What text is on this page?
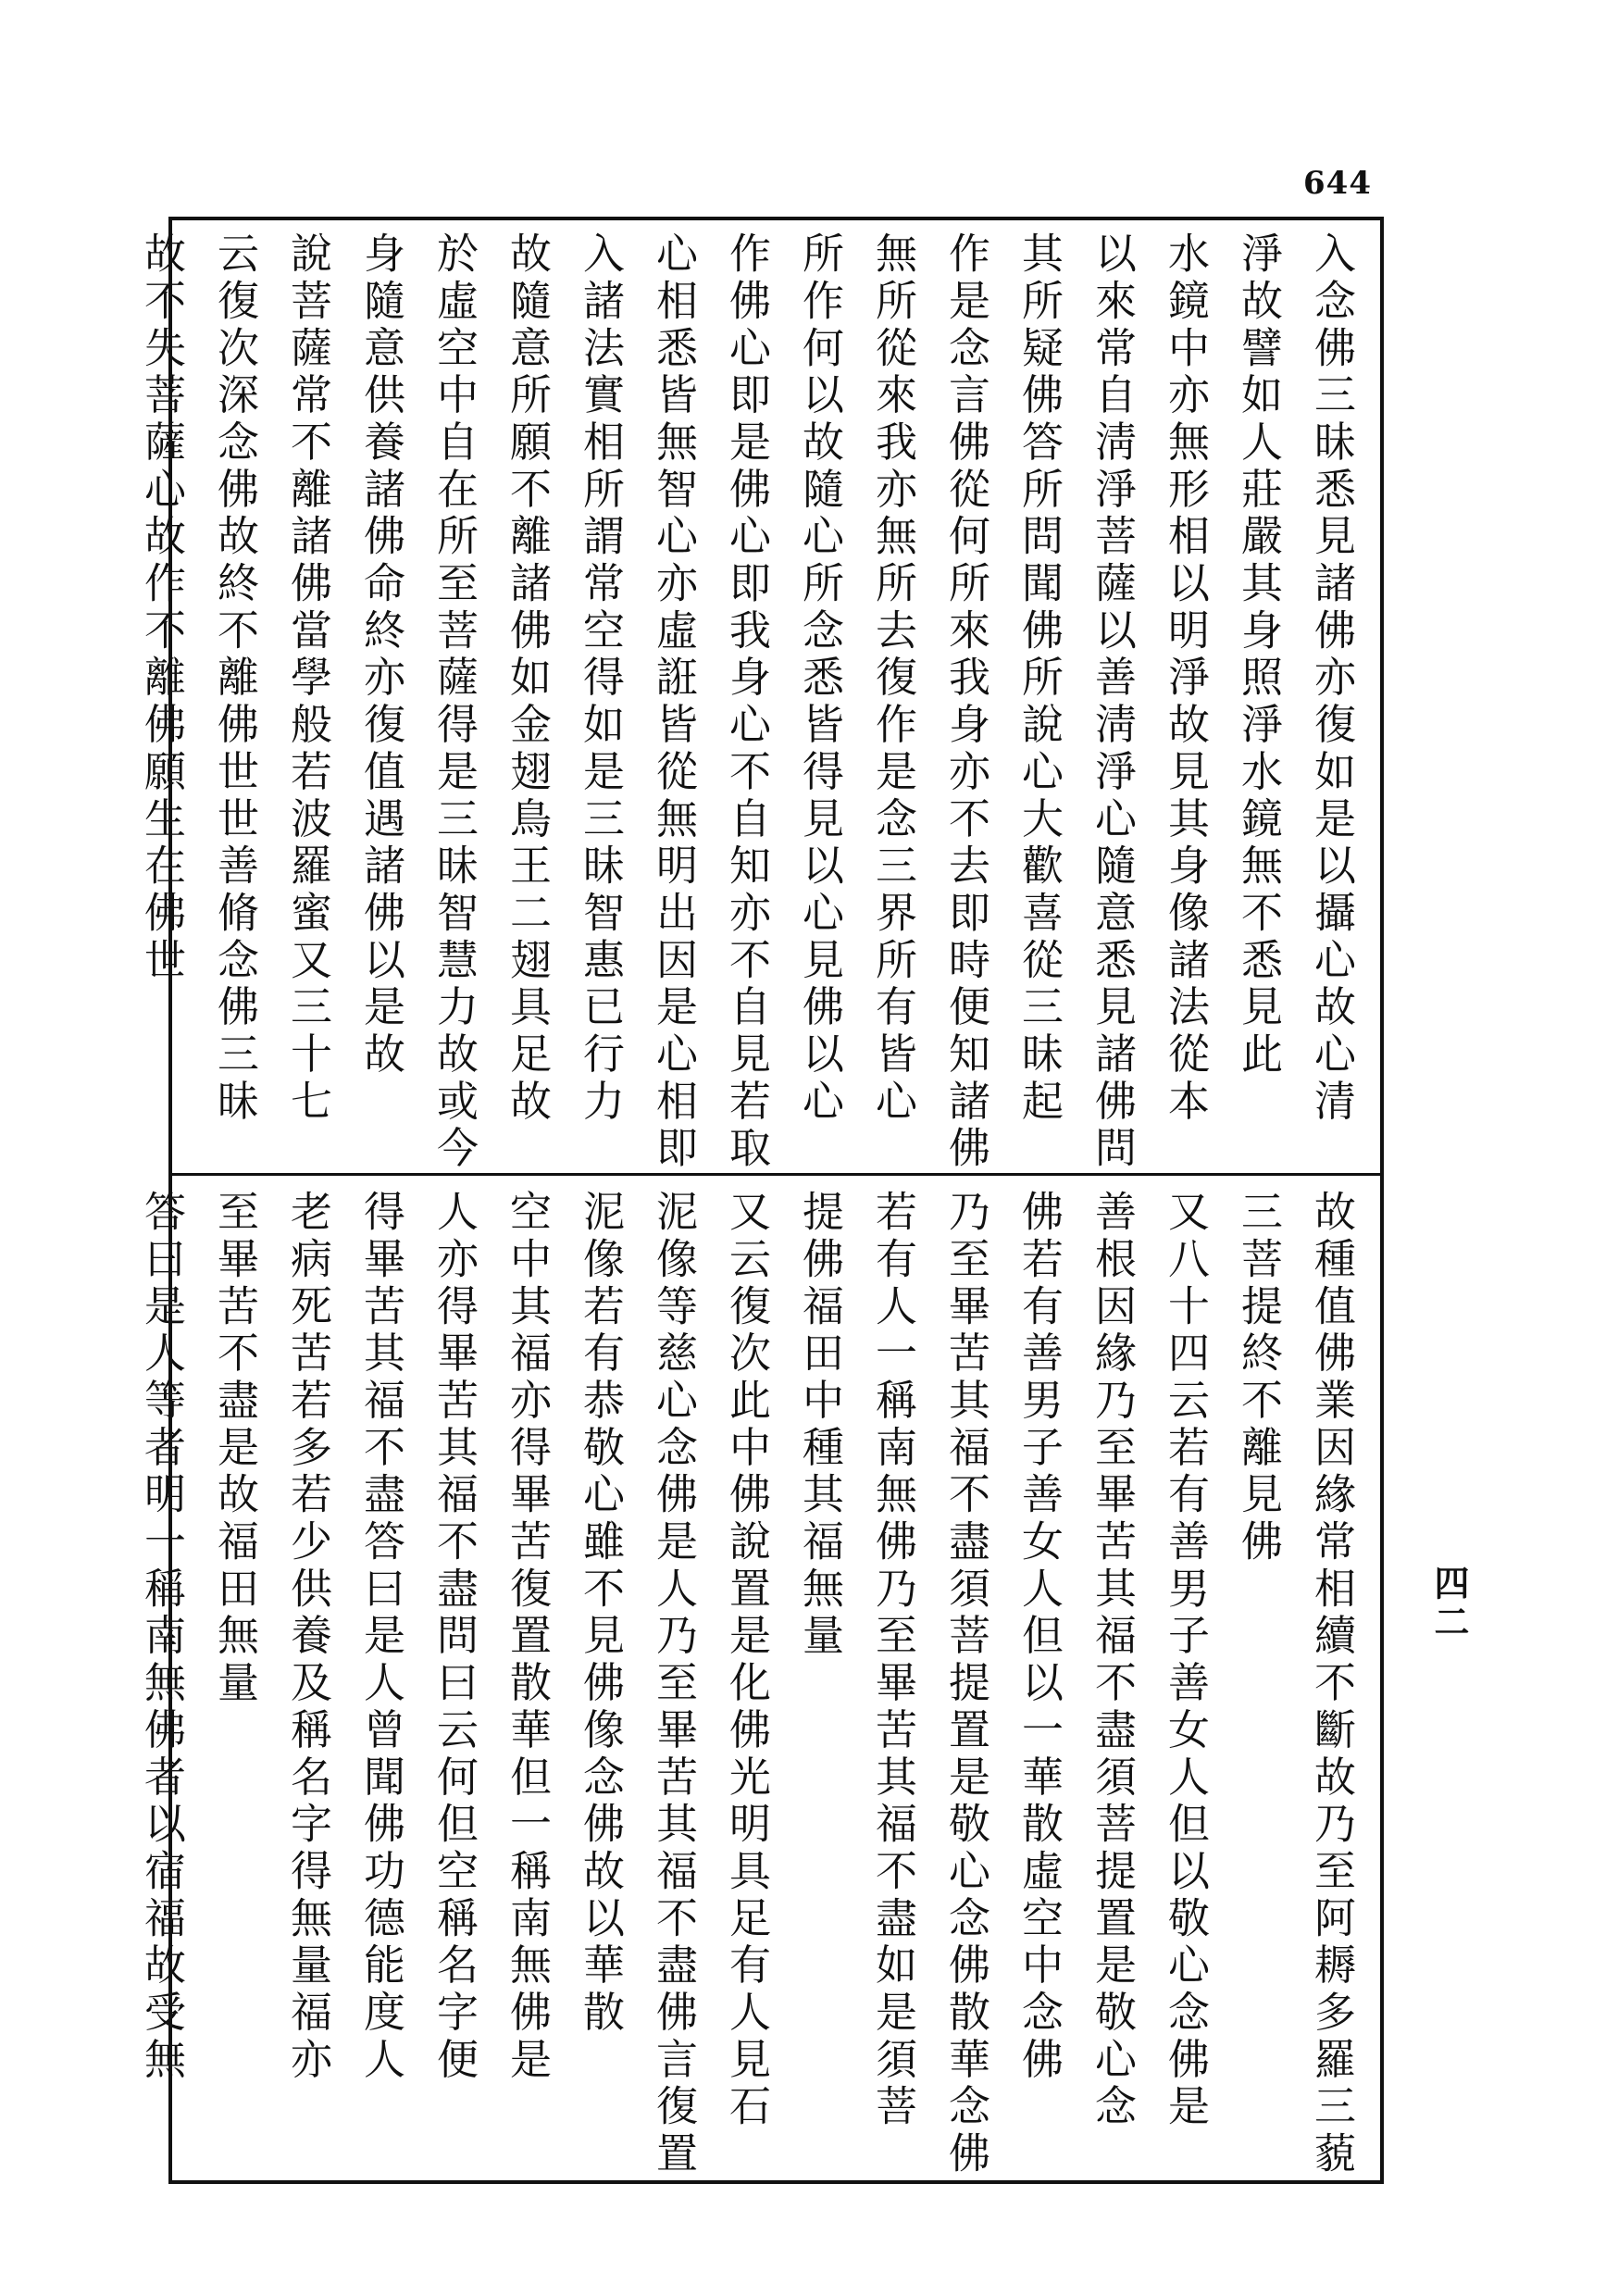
644
四二
入念佛三昧悉見諸佛亦復如是以攝心故心清
淨故譬如人莊嚴其身照淨水鏡無不悉見此
水鏡中亦無形相以明淨故見其身像諸法從本
以來常自淸淨菩薩以善淸淨心隨意悉見諸佛問
其所疑佛答所問聞佛所說心大歡喜從三昧起
作是念言佛從何所來我身亦不去即時便知諸佛
無所從來我亦無所去復作是念三界所有皆心
所作何以故隨心所念悉皆得見以心見佛以心
作佛心即是佛心即我身心不自知亦不自見若取
心相悉皆無智心亦虛誑皆從無明出因是心相即
入諸法實相所謂常空得如是三昧智惠已行力
故隨意所願不離諸佛如金翅鳥王二翅具足故
於虛空中自在所至菩薩得是三昧智慧力故或今
身隨意供養諸佛命終亦復值遇諸佛以是故
說菩薩常不離諸佛當學般若波羅蜜又三十七
云復次深念佛故終不離佛世世善脩念佛三昧
故不失菩薩心故作不離佛願生在佛世
故種值佛業因緣常相續不斷故乃至阿耨多羅三藐
三菩提終不離見佛
又八十四云若有善男子善女人但以敬心念佛是
善根因緣乃至畢苦其福不盡須菩提置是敬心念
佛若有善男子善女人但以一華散虛空中念佛
乃至畢苦其福不盡須菩提置是敬心念佛散華念佛
若有人一稱南無佛乃至畢苦其福不盡如是須菩
提佛福田中種其福無量
又云復次此中佛說置是化佛光明具足有人見石
泥像等慈心念佛是人乃至畢苦其福不盡佛言復置
泥像若有恭敬心雖不見佛像念佛故以華散
空中其福亦得畢苦復置散華但一稱南無佛是
人亦得畢苦其福不盡問曰云何但空稱名字便
得畢苦其福不盡答曰是人曾聞佛功德能度人
老病死苦若多若少供養及稱名字得無量福亦
至畢苦不盡是故福田無量
答曰是人等者明一稱南無佛者以宿福故受無
